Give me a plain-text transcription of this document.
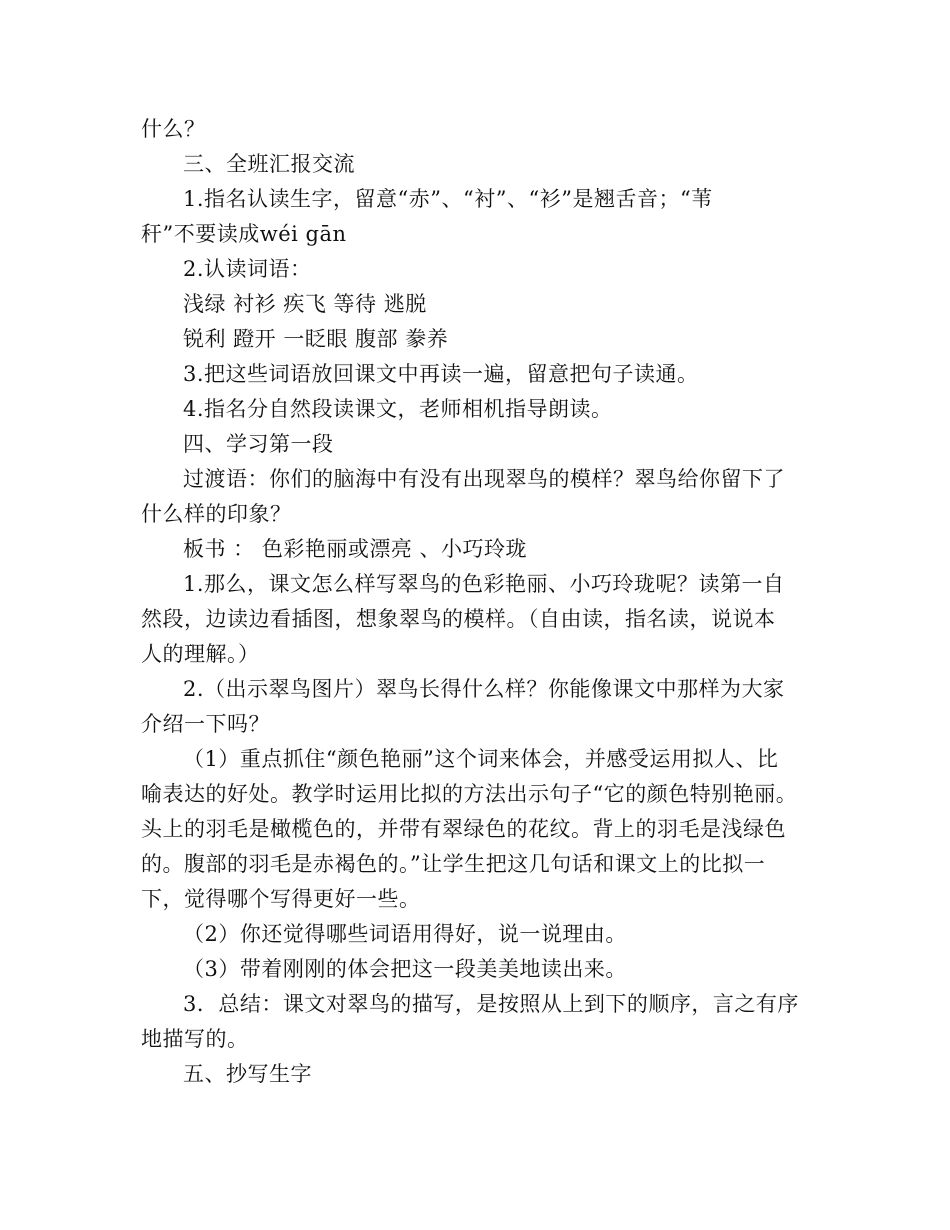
什么？
三、全班汇报交流
1.指名认读生字，留意“赤”、“衬”、“衫”是翘舌音；“苇
秆”不要读成wéi gān
2.认读词语：
浅绿 衬衫 疾飞 等待 逃脱
锐利 蹬开 一眨眼 腹部 豢养
3.把这些词语放回课文中再读一遍，留意把句子读通。
4.指名分自然段读课文，老师相机指导朗读。
四、学习第一段
过渡语：你们的脑海中有没有出现翠鸟的模样？翠鸟给你留下了
什么样的印象？
板书 ： 色彩艳丽或漂亮 、小巧玲珑
1.那么，课文怎么样写翠鸟的色彩艳丽、小巧玲珑呢？读第一自
然段，边读边看插图，想象翠鸟的模样。（自由读，指名读，说说本
人的理解。）
2.（出示翠鸟图片）翠鸟长得什么样？你能像课文中那样为大家
介绍一下吗？
（1）重点抓住“颜色艳丽”这个词来体会，并感受运用拟人、比
喻表达的好处。教学时运用比拟的方法出示句子“它的颜色特别艳丽。
头上的羽毛是橄榄色的，并带有翠绿色的花纹。背上的羽毛是浅绿色
的。腹部的羽毛是赤褐色的。”让学生把这几句话和课文上的比拟一
下，觉得哪个写得更好一些。
（2）你还觉得哪些词语用得好，说一说理由。
（3）带着刚刚的体会把这一段美美地读出来。
3．总结：课文对翠鸟的描写，是按照从上到下的顺序，言之有序
地描写的。
五、抄写生字
